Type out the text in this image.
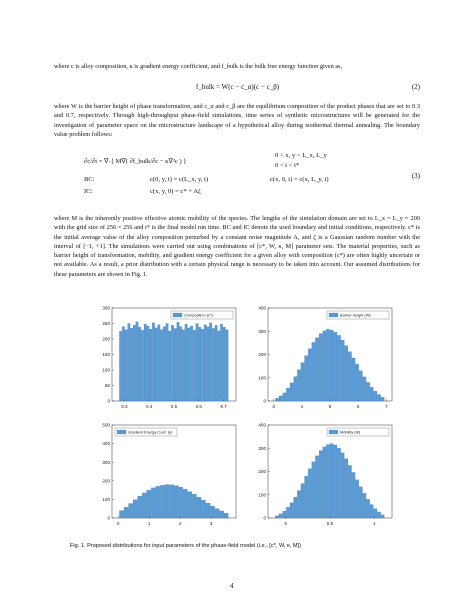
where c is alloy composition, κ is gradient energy coefficient, and f_bulk is the bulk free energy function given as,
f_bulk = W(c − c_α)(c − c_β)	(2)
where W is the barrier height of phase transformation, and c_α and c_β are the equilibrium composition of the product phases that are set to 0.3 and 0.7, respectively. Through high-throughput phase-field simulations, time series of synthetic microstructures will be generated for the investigation of parameter space on the microstructure landscape of a hypothetical alloy during isothermal thermal annealing. The boundary value problem follows:
∂c/∂t = ∇·{ M∇( ∂f_bulk/∂c − κ∇²c ) }
0 < x, y < L_x, L_y
0 < t < t*
BC:	c(0, y, t) = c(L_x, y, t)	c(x, 0, t) = c(x, L_y, t)
IC:	c(x, y, 0) = c* + Aζ
(3)
where M is the inherently positive effective atomic mobility of the species. The lengths of the simulation domain are set to L_x = L_y = 200 with the grid size of 256 × 256 and t* is the final model run time. BC and IC denote the used boundary and initial conditions, respectively. c* is the initial average value of the alloy composition perturbed by a constant noise magnitude A, and ζ is a Gaussian random number with the interval of [−1, +1]. The simulations were carried out using combinations of [c*, W, κ, M] parameter sets. The material properties, such as barrier height of transformation, mobility, and gradient energy coefficient for a given alloy with composition (c*) are often highly uncertain or not available. As a result, a prior distribution with a certain physical range is necessary to be taken into account. Our assumed distributions for these parameters are shown in Fig. 1.
0
50
100
150
200
250
300
0.3	0.4	0.5	0.6	0.7
Composition (c*)
0
100
200
300
400
3	4	5	6	7
Barrier height (W)
0
100
200
300
400
500
0	1	2	3
Gradient Energy Coef. (κ)
0
100
200
300
400
0	0.5	1
Mobility (M)
Fig. 1. Proposed distributions for input parameters of the phase-field model (i.e., [c*, W, κ, M])
4
